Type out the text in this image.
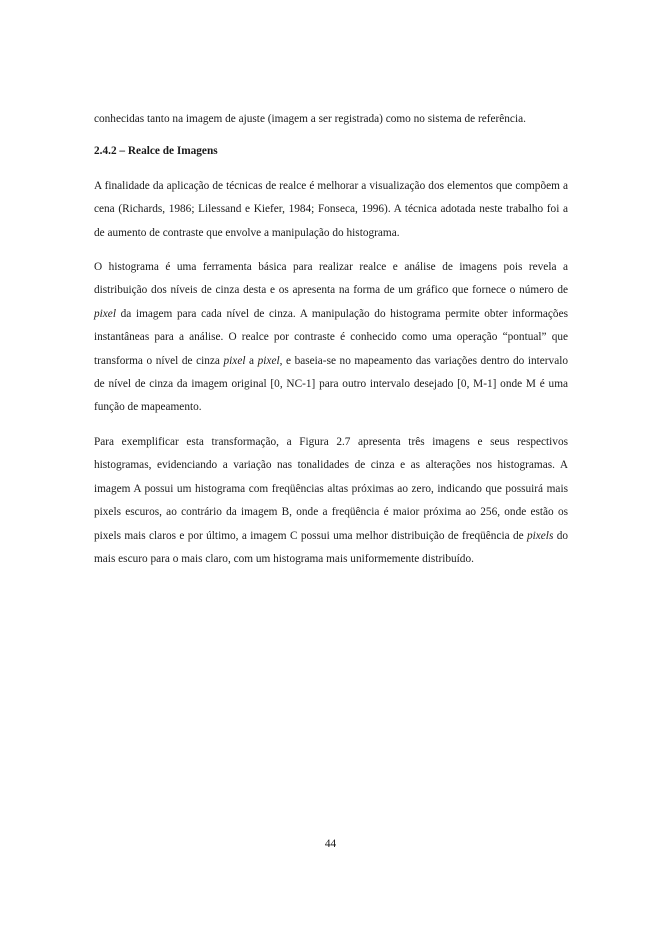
conhecidas tanto na imagem de ajuste (imagem a ser registrada) como no sistema de referência.

2.4.2 – Realce de Imagens

A finalidade da aplicação de técnicas de realce é melhorar a visualização dos elementos que compõem a cena (Richards, 1986; Lilessand e Kiefer, 1984; Fonseca, 1996). A técnica adotada neste trabalho foi a de aumento de contraste que envolve a manipulação do histograma.

O histograma é uma ferramenta básica para realizar realce e análise de imagens pois revela a distribuição dos níveis de cinza desta e os apresenta na forma de um gráfico que fornece o número de pixel da imagem para cada nível de cinza. A manipulação do histograma permite obter informações instantâneas para a análise. O realce por contraste é conhecido como uma operação “pontual” que transforma o nível de cinza pixel a pixel, e baseia-se no mapeamento das variações dentro do intervalo de nível de cinza da imagem original [0, NC-1] para outro intervalo desejado [0, M-1] onde M é uma função de mapeamento.

Para exemplificar esta transformação, a Figura 2.7 apresenta três imagens e seus respectivos histogramas, evidenciando a variação nas tonalidades de cinza e as alterações nos histogramas. A imagem A possui um histograma com freqüências altas próximas ao zero, indicando que possuirá mais pixels escuros, ao contrário da imagem B, onde a freqüência é maior próxima ao 256, onde estão os pixels mais claros e por último, a imagem C possui uma melhor distribuição de freqüência de pixels do mais escuro para o mais claro, com um histograma mais uniformemente distribuído.

44
